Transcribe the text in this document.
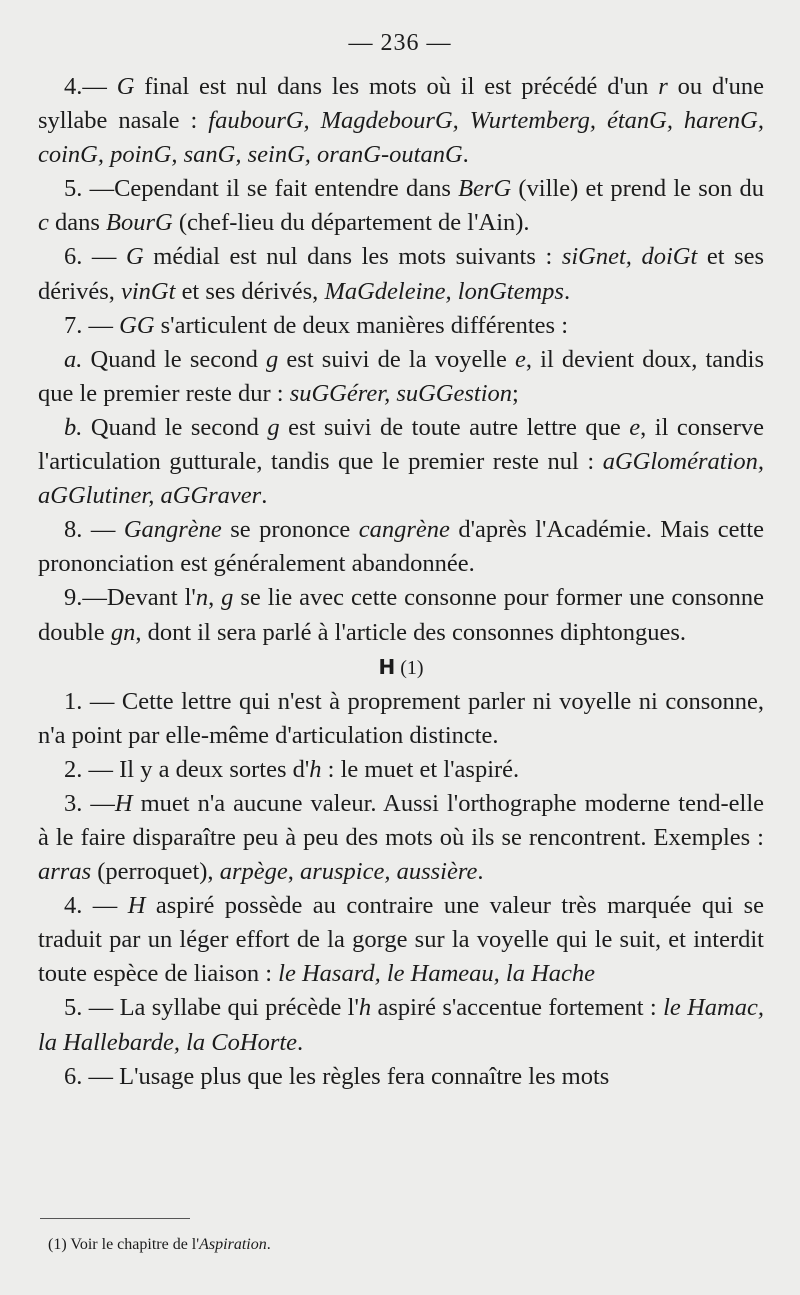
— 236 —

4.— G final est nul dans les mots où il est précédé d'un r ou d'une syllabe nasale : faubourG, MagdebourG, Wurtemberg, étanG, harenG, coinG, poinG, sanG, seinG, oranG-outanG.

5. —Cependant il se fait entendre dans BerG (ville) et prend le son du c dans BourG (chef-lieu du département de l'Ain).

6. — G médial est nul dans les mots suivants : siGnet, doiGt et ses dérivés, vinGt et ses dérivés, MaGdeleine, lonGtemps.

7. — GG s'articulent de deux manières différentes :

a. Quand le second g est suivi de la voyelle e, il devient doux, tandis que le premier reste dur : suGGérer, suGGestion;

b. Quand le second g est suivi de toute autre lettre que e, il conserve l'articulation gutturale, tandis que le premier reste nul : aGGlomération, aGGlutiner, aGGraver.

8. — Gangrène se prononce cangrène d'après l'Académie. Mais cette prononciation est généralement abandonnée.

9.—Devant l'n, g se lie avec cette consonne pour former une consonne double gn, dont il sera parlé à l'article des consonnes diphtongues.

H (1)

1. — Cette lettre qui n'est à proprement parler ni voyelle ni consonne, n'a point par elle-même d'articulation distincte.

2. — Il y a deux sortes d'h : le muet et l'aspiré.

3. —H muet n'a aucune valeur. Aussi l'orthographe moderne tend-elle à le faire disparaître peu à peu des mots où ils se rencontrent. Exemples : arras (perroquet), arpège, aruspice, aussière.

4. — H aspiré possède au contraire une valeur très marquée qui se traduit par un léger effort de la gorge sur la voyelle qui le suit, et interdit toute espèce de liaison : le Hasard, le Hameau, la Hache

5. — La syllabe qui précède l'h aspiré s'accentue fortement : le Hamac, la Hallebarde, la CoHorte.

6. — L'usage plus que les règles fera connaître les mots

(1) Voir le chapitre de l'Aspiration.
